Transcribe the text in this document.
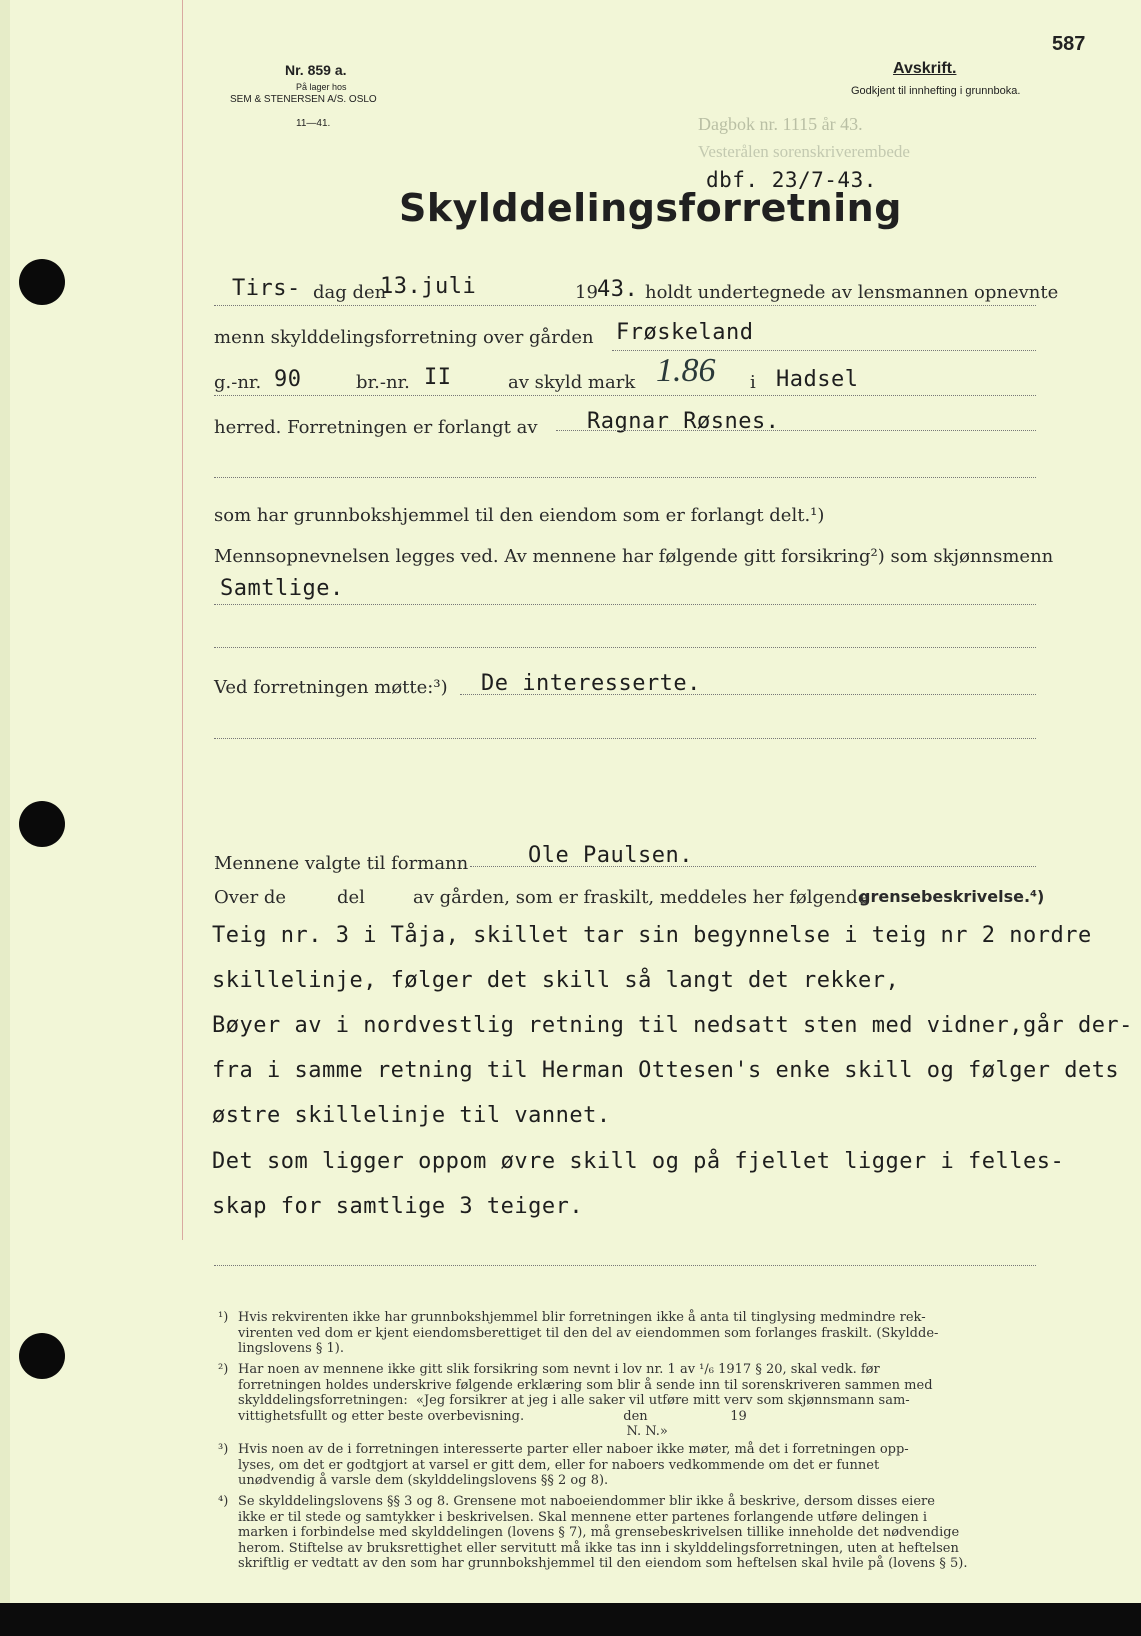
Nr. 859 a.
På lager hos
SEM & STENERSEN A/S. OSLO
11—41.
Avskrift.
Godkjent til innhefting i grunnboka.
587
Dagbok nr. 1115 år 43.
Vesterålen sorenskriverembede
dbf. 23/7-43.
Skylddelingsforretning
Tirs- dag den
13.juli	19 43. holdt undertegnede av lensmannen opnevnte
menn skylddelingsforretning over gården Frøskeland
g.-nr. 90	br.-nr. II	av skyld mark 1.86 i Hadsel
herred. Forretningen er forlangt av Ragnar Røsnes.
som har grunnbokshjemmel til den eiendom som er forlangt delt.¹)
Mennsopnevnelsen legges ved. Av mennene har følgende gitt forsikring²) som skjønnsmenn
Samtlige.
Ved forretningen møtte:³) De interesserte.
Mennene valgte til formann	Ole Paulsen.
Over de	del	av gården, som er fraskilt, meddeles her følgende
grensebeskrivelse.⁴)
Teig nr. 3 i Tåja, skillet tar sin begynnelse i teig nr 2 nordre
skillelinje, følger det skill så langt det rekker,
Bøyer av i nordvestlig retning til nedsatt sten med vidner,går der-
fra i samme retning til Herman Ottesen's enke skill og følger dets
østre skillelinje til vannet.
Det som ligger oppom øvre skill og på fjellet ligger i felles-
skap for samtlige 3 teiger.
¹) Hvis rekvirenten ikke har grunnbokshjemmel blir forretningen ikke å anta til tinglysing medmindre rek-
virenten ved dom er kjent eiendomsberettiget til den del av eiendommen som forlanges fraskilt. (Skyldde-
lingslovens § 1).
²) Har noen av mennene ikke gitt slik forsikring som nevnt i lov nr. 1 av ¹/₆ 1917 § 20, skal vedk. før
forretningen holdes underskrive følgende erklæring som blir å sende inn til sorenskriveren sammen med
skylddelingsforretningen:  «Jeg forsikrer at jeg i alle saker vil utføre mitt verv som skjønnsmann sam-
vittighetsfullt og etter beste overbevisning.                        den                    19
N. N.»
³) Hvis noen av de i forretningen interesserte parter eller naboer ikke møter, må det i forretningen opp-
lyses, om det er godtgjort at varsel er gitt dem, eller for naboers vedkommende om det er funnet
unødvendig å varsle dem (skylddelingslovens §§ 2 og 8).
⁴) Se skylddelingslovens §§ 3 og 8. Grensene mot naboeiendommer blir ikke å beskrive, dersom disses eiere
ikke er til stede og samtykker i beskrivelsen. Skal mennene etter partenes forlangende utføre delingen i
marken i forbindelse med skylddelingen (lovens § 7), må grensebeskrivelsen tillike inneholde det nødvendige
herom. Stiftelse av bruksrettighet eller servitutt må ikke tas inn i skylddelingsforretningen, uten at heftelsen
skriftlig er vedtatt av den som har grunnbokshjemmel til den eiendom som heftelsen skal hvile på (lovens § 5).
